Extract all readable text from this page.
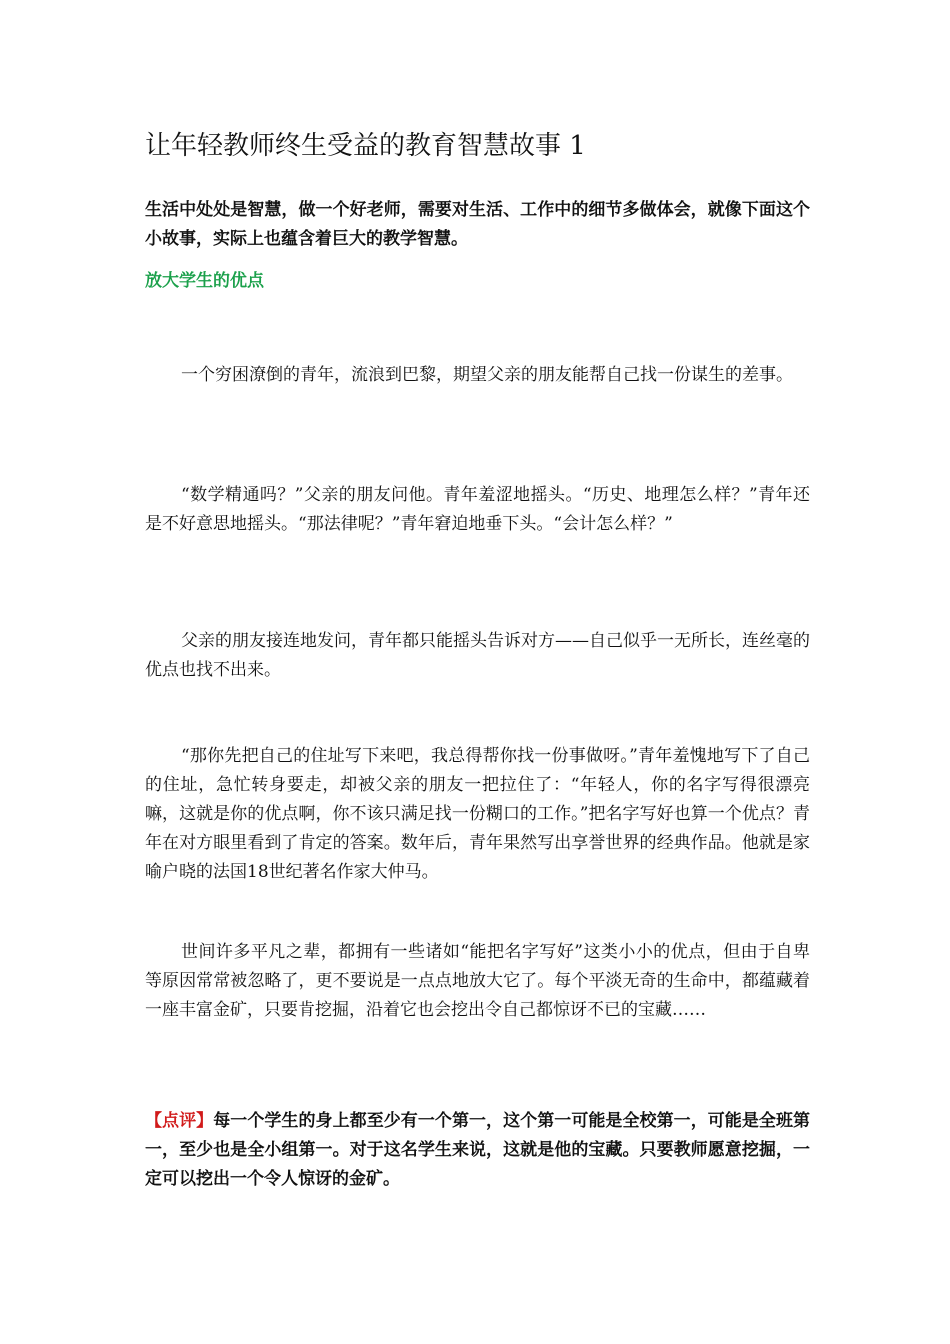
让年轻教师终生受益的教育智慧故事 1

生活中处处是智慧，做一个好老师，需要对生活、工作中的细节多做体会，就像下面这个小故事，实际上也蕴含着巨大的教学智慧。

放大学生的优点

一个穷困潦倒的青年，流浪到巴黎，期望父亲的朋友能帮自己找一份谋生的差事。

“数学精通吗？”父亲的朋友问他。青年羞涩地摇头。“历史、地理怎么样？”青年还是不好意思地摇头。“那法律呢？”青年窘迫地垂下头。“会计怎么样？”

父亲的朋友接连地发问，青年都只能摇头告诉对方——自己似乎一无所长，连丝毫的优点也找不出来。

“那你先把自己的住址写下来吧，我总得帮你找一份事做呀。”青年羞愧地写下了自己的住址，急忙转身要走，却被父亲的朋友一把拉住了：“年轻人，你的名字写得很漂亮嘛，这就是你的优点啊，你不该只满足找一份糊口的工作。”把名字写好也算一个优点？青年在对方眼里看到了肯定的答案。数年后，青年果然写出享誉世界的经典作品。他就是家喻户晓的法国18世纪著名作家大仲马。

世间许多平凡之辈，都拥有一些诸如“能把名字写好”这类小小的优点，但由于自卑等原因常常被忽略了，更不要说是一点点地放大它了。每个平淡无奇的生命中，都蕴藏着一座丰富金矿，只要肯挖掘，沿着它也会挖出令自己都惊讶不已的宝藏……

【点评】每一个学生的身上都至少有一个第一，这个第一可能是全校第一，可能是全班第一，至少也是全小组第一。对于这名学生来说，这就是他的宝藏。只要教师愿意挖掘，一定可以挖出一个令人惊讶的金矿。
